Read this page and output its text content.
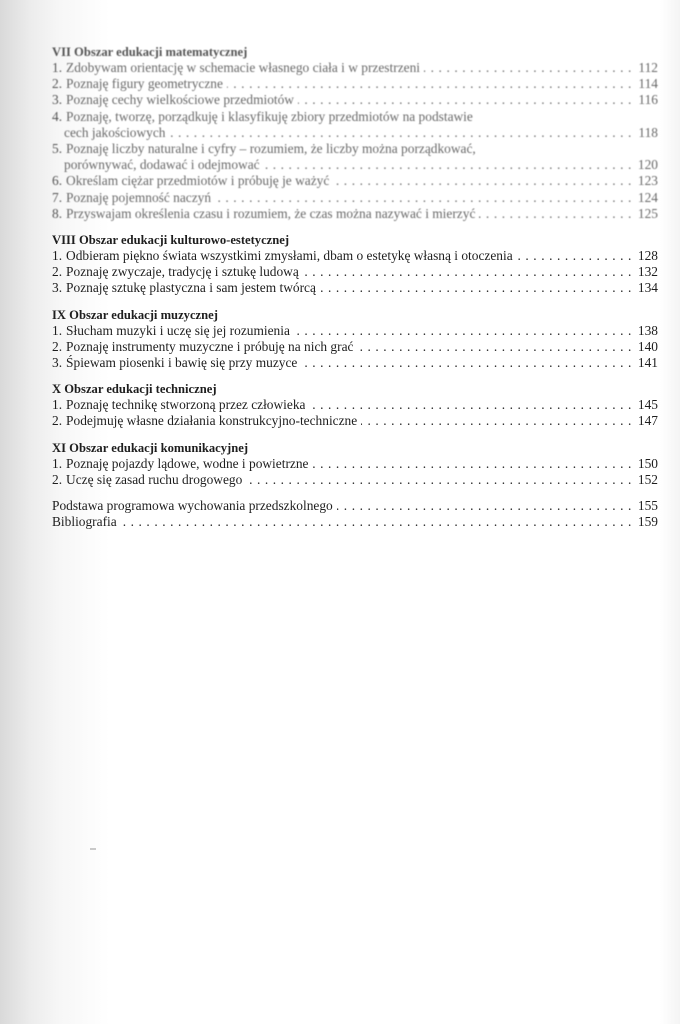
VII Obszar edukacji matematycznej
1. Zdobywam orientację w schemacie własnego ciała i w przestrzeni . . .	112
2. Poznaję figury geometryczne . . .	114
3. Poznaję cechy wielkościowe przedmiotów . . .	116
4. Poznaję, tworzę, porządkuję i klasyfikuję zbiory przedmiotów na podstawie
cech jakościowych . . .	118
5. Poznaję liczby naturalne i cyfry – rozumiem, że liczby można porządkować,
porównywać, dodawać i odejmować . . .	120
6. Określam ciężar przedmiotów i próbuję je ważyć . . .	123
7. Poznaję pojemność naczyń . . .	124
8. Przyswajam określenia czasu i rozumiem, że czas można nazywać i mierzyć . . .	125
VIII Obszar edukacji kulturowo-estetycznej
1. Odbieram piękno świata wszystkimi zmysłami, dbam o estetykę własną i otoczenia . . .	128
2. Poznaję zwyczaje, tradycję i sztukę ludową . . .	132
3. Poznaję sztukę plastyczna i sam jestem twórcą . . .	134
IX Obszar edukacji muzycznej
1. Słucham muzyki i uczę się jej rozumienia . . .	138
2. Poznaję instrumenty muzyczne i próbuję na nich grać . . .	140
3. Śpiewam piosenki i bawię się przy muzyce . . .	141
X Obszar edukacji technicznej
1. Poznaję technikę stworzoną przez człowieka . . .	145
2. Podejmuję własne działania konstrukcyjno-techniczne . . .	147
XI Obszar edukacji komunikacyjnej
1. Poznaję pojazdy lądowe, wodne i powietrzne . . .	150
2. Uczę się zasad ruchu drogowego . . .	152
Podstawa programowa wychowania przedszkolnego . . .	155
Bibliografia . . .	159
